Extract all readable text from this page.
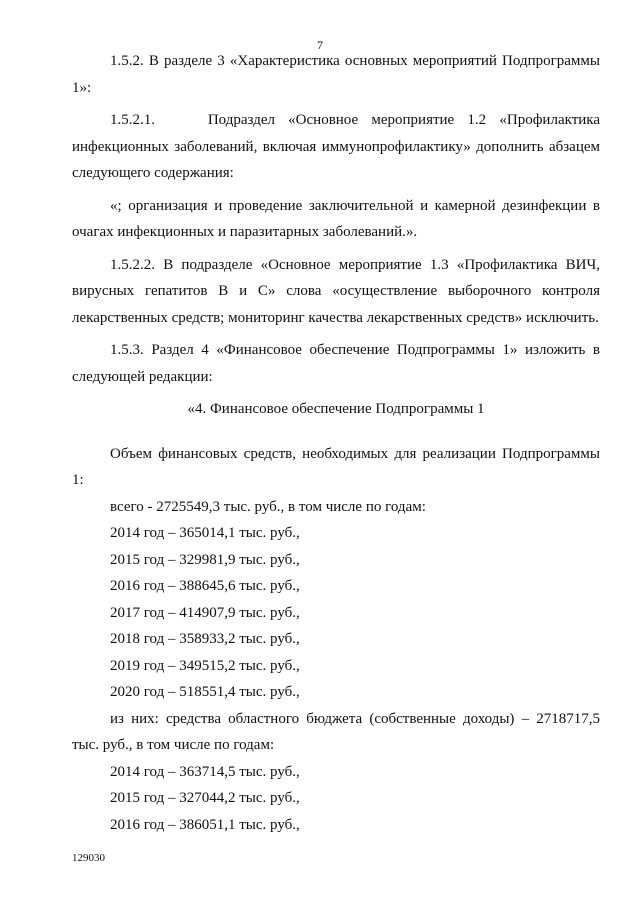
7

1.5.2. В разделе 3 «Характеристика основных мероприятий Подпрограммы 1»:

1.5.2.1.    Подраздел «Основное мероприятие 1.2 «Профилактика инфекционных заболеваний, включая иммунопрофилактику» дополнить абзацем следующего содержания:

«; организация и проведение заключительной и камерной дезинфекции в очагах инфекционных и паразитарных заболеваний.».

1.5.2.2. В подразделе «Основное мероприятие 1.3 «Профилактика ВИЧ, вирусных гепатитов В и С» слова «осуществление выборочного контроля лекарственных средств; мониторинг качества лекарственных средств» исключить.

1.5.3. Раздел 4 «Финансовое обеспечение Подпрограммы 1» изложить в следующей редакции:

«4. Финансовое обеспечение Подпрограммы 1

Объем финансовых средств, необходимых для реализации Подпрограммы 1:

всего - 2725549,3 тыс. руб., в том числе по годам:

2014 год – 365014,1 тыс. руб.,
2015 год – 329981,9 тыс. руб.,
2016 год – 388645,6 тыс. руб.,
2017 год – 414907,9 тыс. руб.,
2018 год – 358933,2 тыс. руб.,
2019 год – 349515,2 тыс. руб.,
2020 год – 518551,4 тыс. руб.,

из них: средства областного бюджета (собственные доходы) – 2718717,5 тыс. руб., в том числе по годам:

2014 год – 363714,5 тыс. руб.,
2015 год – 327044,2 тыс. руб.,
2016 год – 386051,1 тыс. руб.,
129030
